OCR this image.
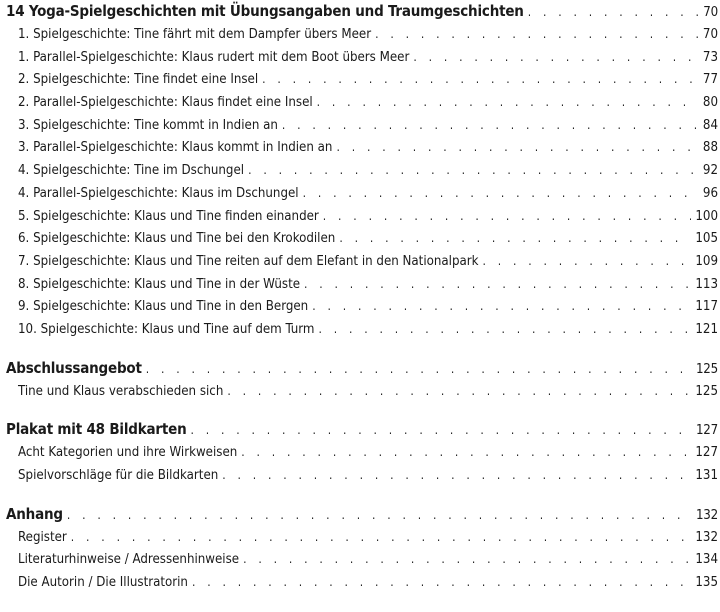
14 Yoga-Spielgeschichten mit Übungsangaben und Traumgeschichten . . .	70
1. Spielgeschichte: Tine fährt mit dem Dampfer übers Meer . . .	70
1. Parallel-Spielgeschichte: Klaus rudert mit dem Boot übers Meer . . .	73
2. Spielgeschichte: Tine findet eine Insel . . .	77
2. Parallel-Spielgeschichte: Klaus findet eine Insel . . .	80
3. Spielgeschichte: Tine kommt in Indien an . . .	84
3. Parallel-Spielgeschichte: Klaus kommt in Indien an . . .	88
4. Spielgeschichte: Tine im Dschungel . . .	92
4. Parallel-Spielgeschichte: Klaus im Dschungel . . .	96
5. Spielgeschichte: Klaus und Tine finden einander . . .	100
6. Spielgeschichte: Klaus und Tine bei den Krokodilen . . .	105
7. Spielgeschichte: Klaus und Tine reiten auf dem Elefant in den Nationalpark . . .	109
8. Spielgeschichte: Klaus und Tine in der Wüste . . .	113
9. Spielgeschichte: Klaus und Tine in den Bergen . . .	117
10. Spielgeschichte: Klaus und Tine auf dem Turm . . .	121
Abschlussangebot . . .	125
Tine und Klaus verabschieden sich . . .	125
Plakat mit 48 Bildkarten . . .	127
Acht Kategorien und ihre Wirkweisen . . .	127
Spielvorschläge für die Bildkarten . . .	131
Anhang . . .	132
Register . . .	132
Literaturhinweise / Adressenhinweise . . .	134
Die Autorin / Die Illustratorin . . .	135
